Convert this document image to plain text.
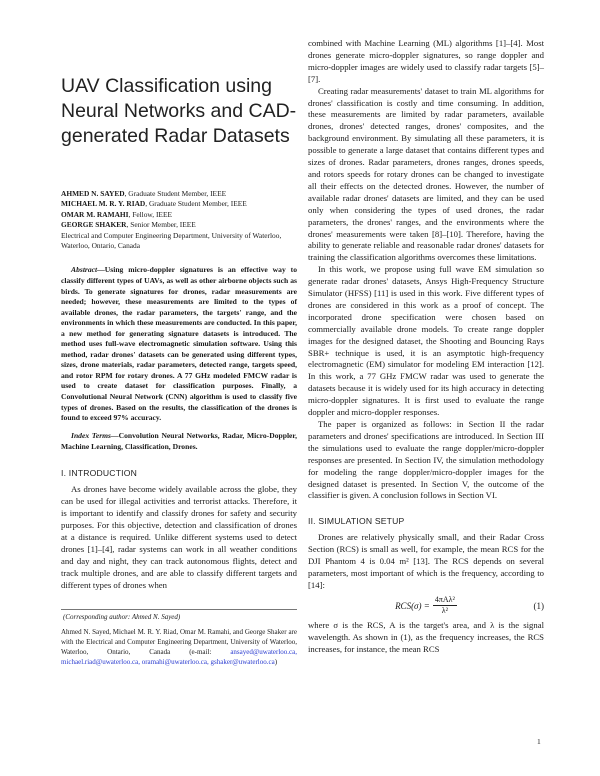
UAV Classification using Neural Networks and CAD-generated Radar Datasets
AHMED N. SAYED, Graduate Student Member, IEEE
MICHAEL M. R. Y. RIAD, Graduate Student Member, IEEE
OMAR M. RAMAHI, Fellow, IEEE
GEORGE SHAKER, Senior Member, IEEE
Electrical and Computer Engineering Department, University of Waterloo, Waterloo, Ontario, Canada

Abstract—Using micro-doppler signatures is an effective way to classify different types of UAVs, as well as other airborne objects such as birds. To generate signatures for drones, radar measurements are needed; however, these measurements are limited to the types of available drones, the radar parameters, the targets' range, and the environments in which these measurements are conducted. In this paper, a new method for generating signature datasets is introduced. The method uses full-wave electromagnetic simulation software. Using this method, radar drones' datasets can be generated using different types, sizes, drone materials, radar parameters, detected range, targets speed, and rotor RPM for rotary drones. A 77 GHz modeled FMCW radar is used to create dataset for classification purposes. Finally, a Convolutional Neural Network (CNN) algorithm is used to classify five types of drones. Based on the results, the classification of the drones is found to exceed 97% accuracy.

Index Terms—Convolution Neural Networks, Radar, Micro-Doppler, Machine Learning, Classification, Drones.

I. INTRODUCTION

As drones have become widely available across the globe, they can be used for illegal activities and terrorist attacks. Therefore, it is important to identify and classify drones for safety and security purposes. For this objective, detection and classification of drones at a distance is required. Unlike different systems used to detect drones [1]–[4], radar systems can work in all weather conditions and day and night, they can track autonomous flights, detect and track multiple drones, and are able to classify different targets and different types of drones when

(Corresponding author: Ahmed N. Sayed)

Ahmed N. Sayed, Michael M. R. Y. Riad, Omar M. Ramahi, and George Shaker are with the Electrical and Computer Engineering Department, University of Waterloo, Waterloo, Ontario, Canada (e-mail:	ansayed@uwaterloo.ca, michael.riad@uwaterloo.ca, oramahi@uwaterloo.ca, gshaker@uwaterloo.ca)

combined with Machine Learning (ML) algorithms [1]–[4]. Most drones generate micro-doppler signatures, so range doppler and micro-doppler images are widely used to classify radar targets [5]–[7].

Creating radar measurements' dataset to train ML algorithms for drones' classification is costly and time consuming. In addition, these measurements are limited by radar parameters, available drones, drones' detected ranges, drones' composites, and the background environment. By simulating all these parameters, it is possible to generate a large dataset that contains different types and sizes of drones. Radar parameters, drones ranges, drones speeds, and rotors speeds for rotary drones can be changed to investigate all their effects on the detected drones. However, the number of available radar drones' datasets are limited, and they can be used only when considering the types of used drones, the radar parameters, the drones' ranges, and the environments where the drones' measurements were taken [8]–[10]. Therefore, having the ability to generate reliable and reasonable radar drones' datasets for training the classification algorithms overcomes these limitations.

In this work, we propose using full wave EM simulation so generate radar drones' datasets, Ansys High-Frequency Structure Simulator (HFSS) [11] is used in this work. Five different types of drones are considered in this work as a proof of concept. The incorporated drone specification were chosen based on commercially available drone models. To create range doppler images for the designed dataset, the Shooting and Bouncing Rays SBR+ technique is used, it is an asymptotic high-frequency electromagnetic (EM) simulator for modeling EM interaction [12]. In this work, a 77 GHz FMCW radar was used to generate the datasets because it is widely used for its high accuracy in detecting micro-doppler signatures. It is first used to evaluate the range doppler and micro-doppler responses.

The paper is organized as follows: in Section II the radar parameters and drones' specifications are introduced. In Section III the simulations used to evaluate the range doppler/micro-doppler responses are presented. In Section IV, the simulation methodology for modeling the range doppler/micro-doppler images for the designed dataset is presented. In Section V, the outcome of the classifier is given. A conclusion follows in Section VI.

II. SIMULATION SETUP

Drones are relatively physically small, and their Radar Cross Section (RCS) is small as well, for example, the mean RCS for the DJI Phantom 4 is 0.04 m² [13]. The RCS depends on several parameters, most important of which is the frequency, according to [14]:

$RCS(\sigma) = \frac{\text{4πAλ²}}{\text{λ²}}$	(1)

where σ is the RCS, A is the target's area, and λ is the signal wavelength. As shown in (1), as the frequency increases, the RCS increases, for instance, the mean RCS

1
